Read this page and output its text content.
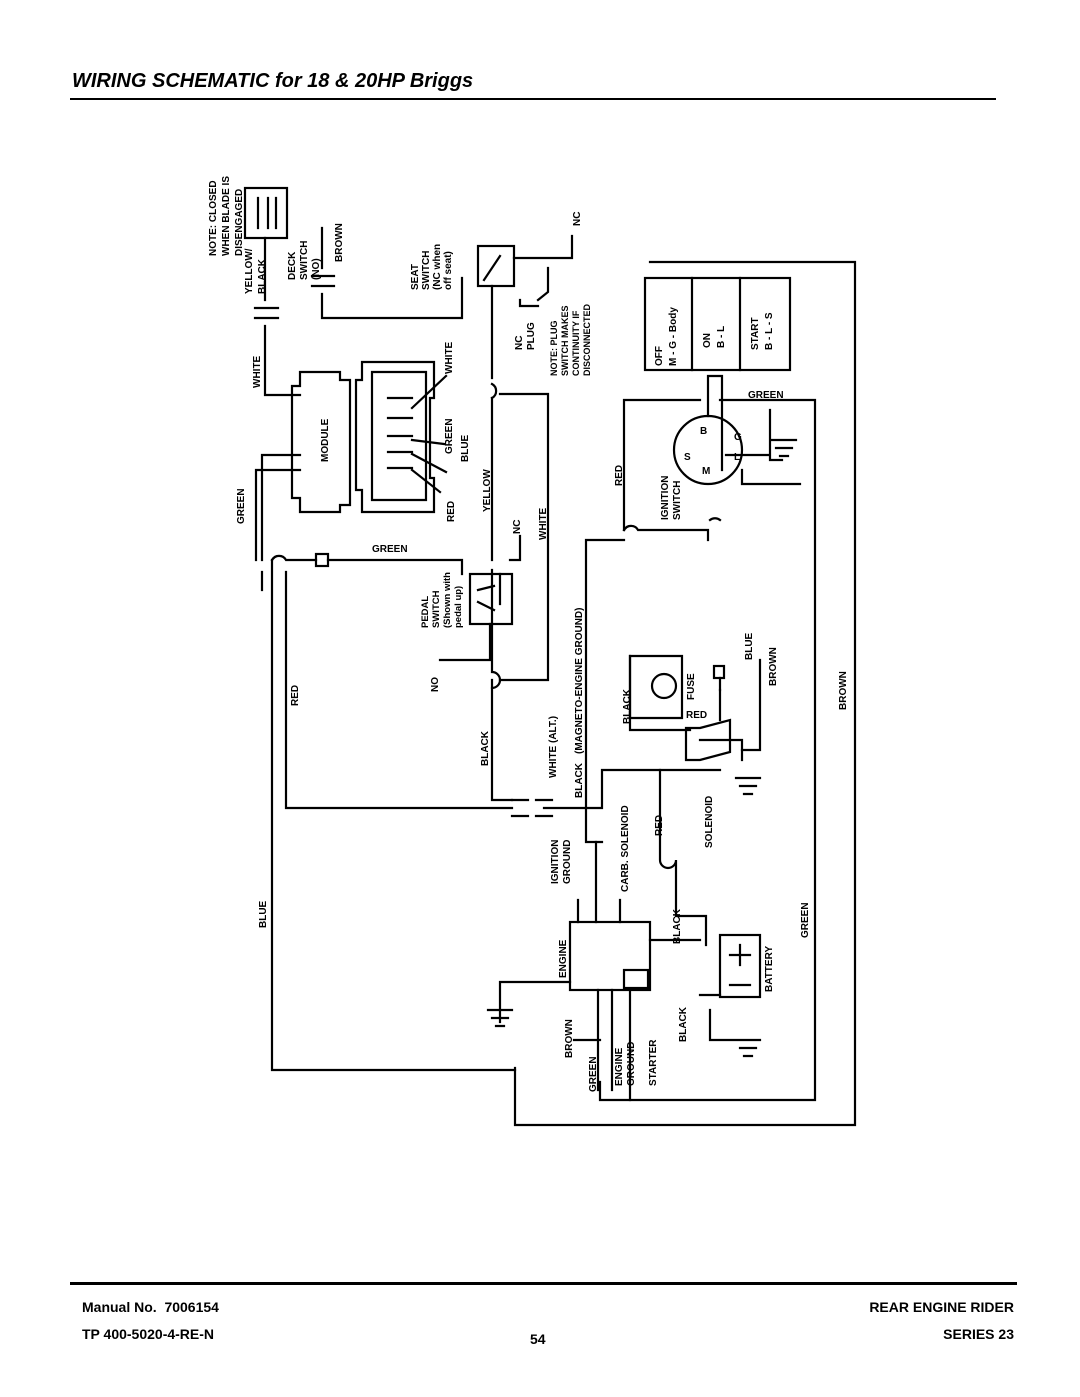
WIRING SCHEMATIC for 18 & 20HP Briggs
NOTE: CLOSED WHEN BLADE IS DISENGAGED
YELLOW/ BLACK DECK SWITCH (NO)
BROWN
SEAT SWITCH (NC when off seat)
NC
NC PLUG NOTE: PLUG SWITCH MAKES CONTINUITY IF DISCONNECTED	OFF M - G - Body ON B - L START B - L - S
WHITE	WHITE
MODULE	GREEN BLUE
RED	YELLOW
NC WHITE
GREEN
GREEN
PEDAL SWITCH (Shown with pedal up)
NO
RED
RED
IGNITION SWITCH
GREEN
B
G
S
M
L
(MAGNETO-ENGINE GROUND)
BLACK
WHITE (ALT.)
BLACK
BLACK
FUSE
RED
BLUE
BROWN
BROWN
CARB. SOLENOID
IGNITION GROUND
RED	SOLENOID
BLUE
ENGINE
BLACK
BATTERY
GREEN
BROWN
GREEN ENGINE GROUND STARTER
BLACK
Manual No. 7006154
TP 400-5020-4-RE-N	54
REAR ENGINE RIDER
SERIES 23
